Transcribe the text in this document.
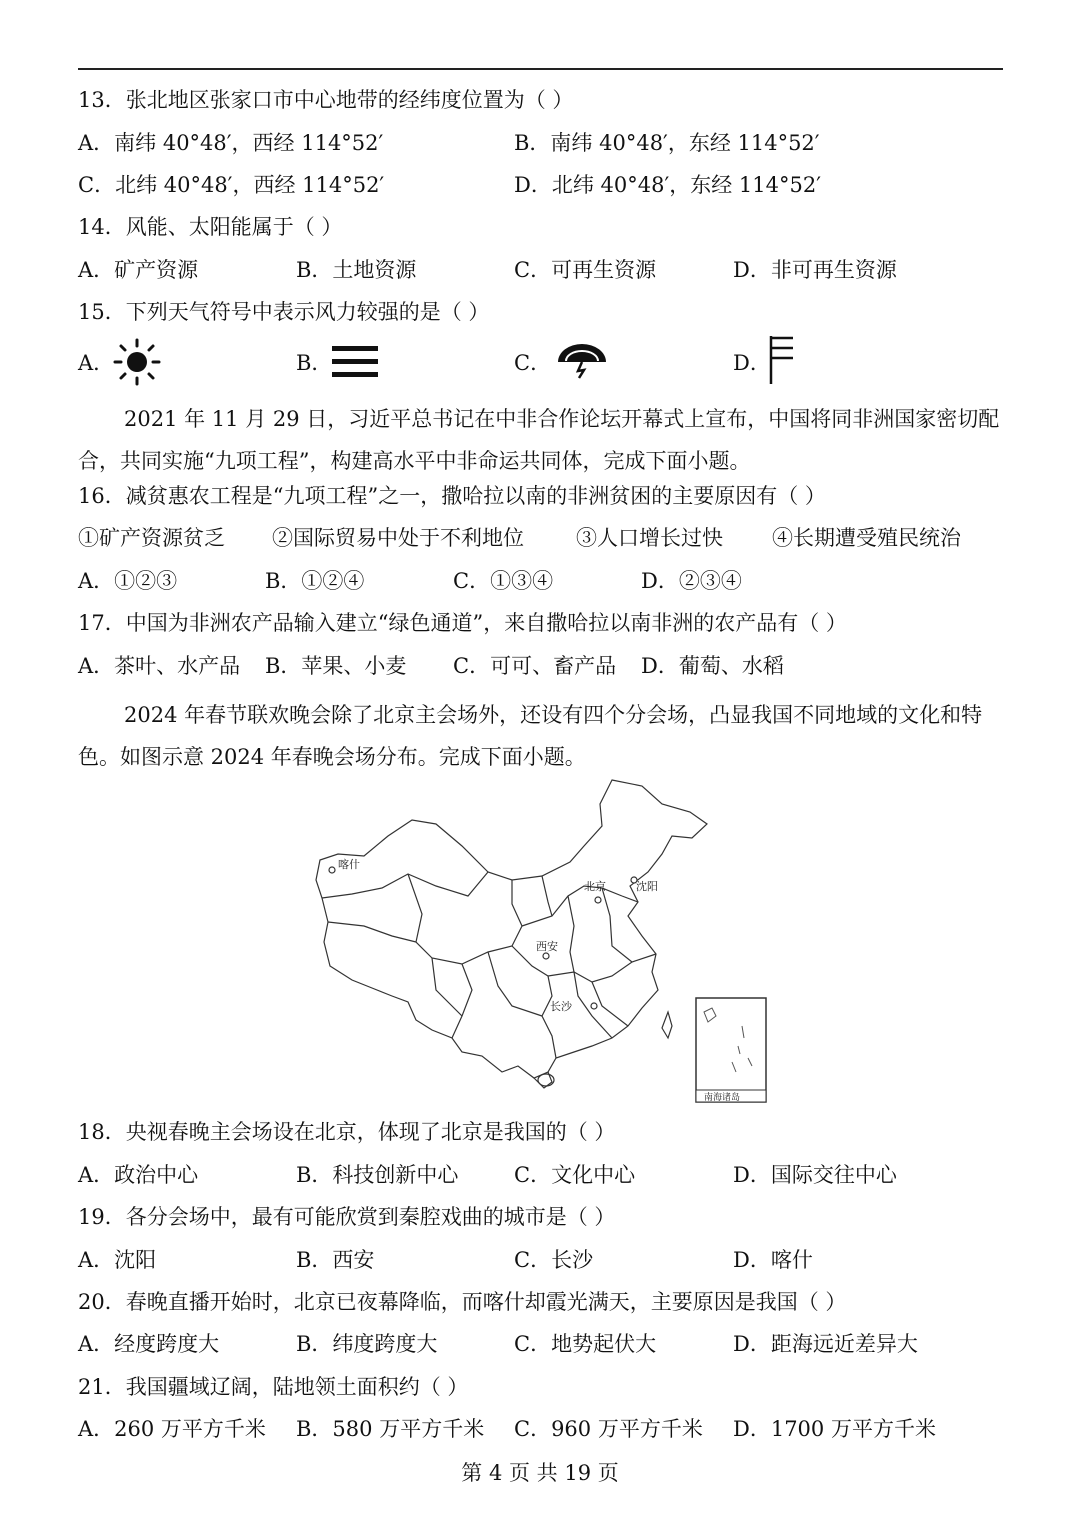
13．张北地区张家口市中心地带的经纬度位置为（ ）
A．南纬 40°48′，西经 114°52′	B．南纬 40°48′，东经 114°52′
C．北纬 40°48′，西经 114°52′	D．北纬 40°48′，东经 114°52′
14．风能、太阳能属于（ ）
A．矿产资源	B．土地资源	C．可再生资源	D．非可再生资源
15．下列天气符号中表示风力较强的是（ ）
A．	B．	C．	D．
2021 年 11 月 29 日，习近平总书记在中非合作论坛开幕式上宣布，中国将同非洲国家密切配合，共同实施“九项工程”，构建高水平中非命运共同体，完成下面小题。
16．减贫惠农工程是“九项工程”之一，撒哈拉以南的非洲贫困的主要原因有（ ）
①矿产资源贫乏 ②国际贸易中处于不利地位 ③人口增长过快 ④长期遭受殖民统治
A．①②③	B．①②④	C．①③④	D．②③④
17．中国为非洲农产品输入建立“绿色通道”，来自撒哈拉以南非洲的农产品有（ ）
A．茶叶、水产品 B．苹果、小麦 C．可可、畜产品 D．葡萄、水稻
2024 年春节联欢晚会除了北京主会场外，还设有四个分会场，凸显我国不同地域的文化和特色。如图示意 2024 年春晚会场分布。完成下面小题。
喀什
北京	沈阳
西安
长沙
南海诸岛
18．央视春晚主会场设在北京，体现了北京是我国的（ ）
A．政治中心	B．科技创新中心	C．文化中心	D．国际交往中心
19．各分会场中，最有可能欣赏到秦腔戏曲的城市是（ ）
A．沈阳	B．西安	C．长沙	D．喀什
20．春晚直播开始时，北京已夜幕降临，而喀什却霞光满天，主要原因是我国（ ）
A．经度跨度大	B．纬度跨度大	C．地势起伏大	D．距海远近差异大
21．我国疆域辽阔，陆地领土面积约（ ）
A．260 万平方千米 B．580 万平方千米 C．960 万平方千米 D．1700 万平方千米
第 4 页 共 19 页
